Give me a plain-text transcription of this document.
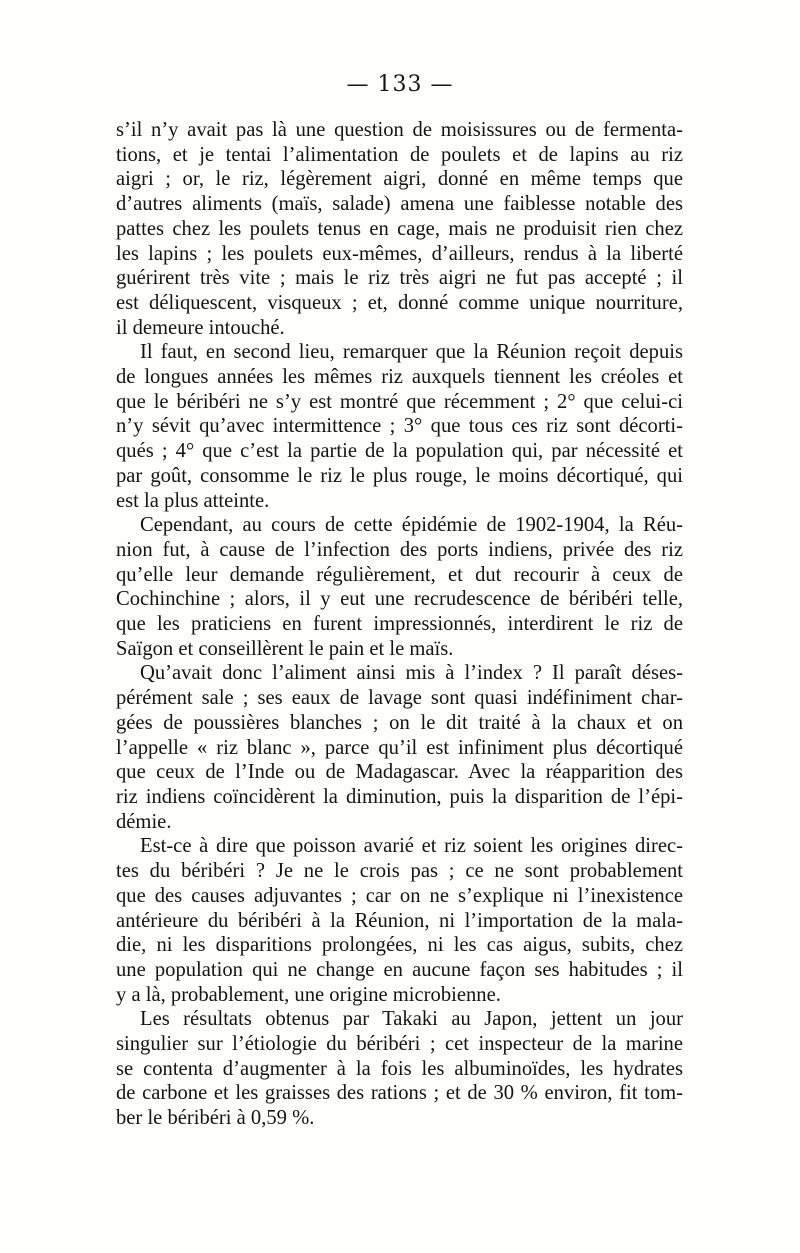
— 133 —
s’il n’y avait pas là une question de moisissures ou de fermenta-
tions, et je tentai l’alimentation de poulets et de lapins au riz
aigri ; or, le riz, légèrement aigri, donné en même temps que
d’autres aliments (maïs, salade) amena une faiblesse notable des
pattes chez les poulets tenus en cage, mais ne produisit rien chez
les lapins ; les poulets eux-mêmes, d’ailleurs, rendus à la liberté
guérirent très vite ; mais le riz très aigri ne fut pas accepté ; il
est déliquescent, visqueux ; et, donné comme unique nourriture,
il demeure intouché.
Il faut, en second lieu, remarquer que la Réunion reçoit depuis
de longues années les mêmes riz auxquels tiennent les créoles et
que le béribéri ne s’y est montré que récemment ; 2° que celui-ci
n’y sévit qu’avec intermittence ; 3° que tous ces riz sont décorti-
qués ; 4° que c’est la partie de la population qui, par nécessité et
par goût, consomme le riz le plus rouge, le moins décortiqué, qui
est la plus atteinte.
Cependant, au cours de cette épidémie de 1902-1904, la Réu-
nion fut, à cause de l’infection des ports indiens, privée des riz
qu’elle leur demande régulièrement, et dut recourir à ceux de
Cochinchine ; alors, il y eut une recrudescence de béribéri telle,
que les praticiens en furent impressionnés, interdirent le riz de
Saïgon et conseillèrent le pain et le maïs.
Qu’avait donc l’aliment ainsi mis à l’index ? Il paraît déses-
pérément sale ; ses eaux de lavage sont quasi indéfiniment char-
gées de poussières blanches ; on le dit traité à la chaux et on
l’appelle « riz blanc », parce qu’il est infiniment plus décortiqué
que ceux de l’Inde ou de Madagascar. Avec la réapparition des
riz indiens coïncidèrent la diminution, puis la disparition de l’épi-
démie.
Est-ce à dire que poisson avarié et riz soient les origines direc-
tes du béribéri ? Je ne le crois pas ; ce ne sont probablement
que des causes adjuvantes ; car on ne s’explique ni l’inexistence
antérieure du béribéri à la Réunion, ni l’importation de la mala-
die, ni les disparitions prolongées, ni les cas aigus, subits, chez
une population qui ne change en aucune façon ses habitudes ; il
y a là, probablement, une origine microbienne.
Les résultats obtenus par Takaki au Japon, jettent un jour
singulier sur l’étiologie du béribéri ; cet inspecteur de la marine
se contenta d’augmenter à la fois les albuminoïdes, les hydrates
de carbone et les graisses des rations ; et de 30 % environ, fit tom-
ber le béribéri à 0,59 %.
